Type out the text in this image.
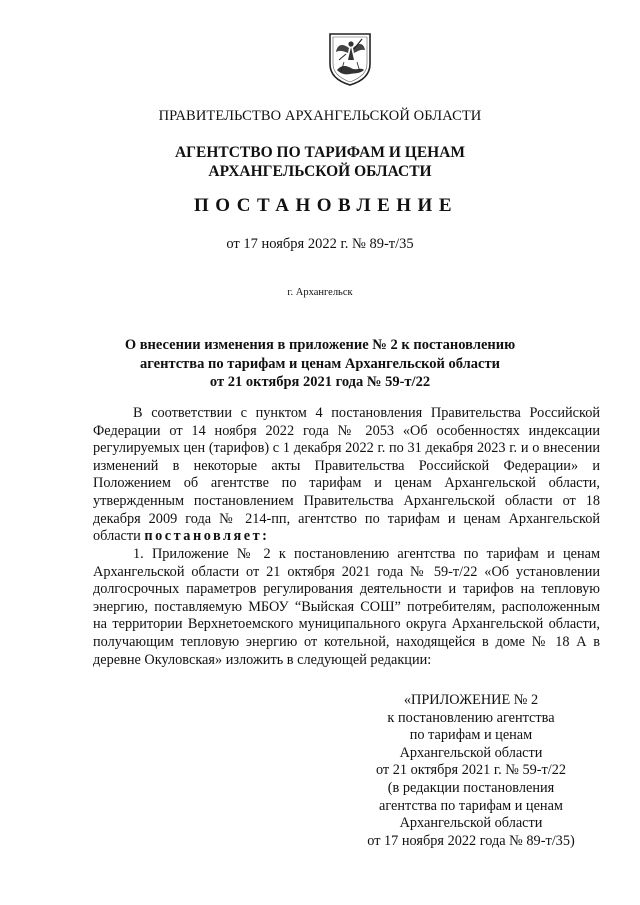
ПРАВИТЕЛЬСТВО АРХАНГЕЛЬСКОЙ ОБЛАСТИ
АГЕНТСТВО ПО ТАРИФАМ И ЦЕНАМ
АРХАНГЕЛЬСКОЙ ОБЛАСТИ
ПОСТАНОВЛЕНИЕ
от 17 ноября 2022 г. № 89-т/35
г. Архангельск
О внесении изменения в приложение № 2 к постановлению
агентства по тарифам и ценам Архангельской области
от 21 октября 2021 года № 59-т/22
В соответствии с пунктом 4 постановления Правительства Российской Федерации от 14 ноября 2022 года № 2053 «Об особенностях индексации регулируемых цен (тарифов) с 1 декабря 2022 г. по 31 декабря 2023 г. и о внесении изменений в некоторые акты Правительства Российской Федерации» и Положением об агентстве по тарифам и ценам Архангельской области, утвержденным постановлением Правительства Архангельской области от 18 декабря 2009 года № 214-пп, агентство по тарифам и ценам Архангельской области постановляет:
1. Приложение № 2 к постановлению агентства по тарифам и ценам Архангельской области от 21 октября 2021 года № 59-т/22 «Об установлении долгосрочных параметров регулирования деятельности и тарифов на тепловую энергию, поставляемую МБОУ “Выйская СОШ” потребителям, расположенным на территории Верхнетоемского муниципального округа Архангельской области, получающим тепловую энергию от котельной, находящейся в доме № 18 А в деревне Окуловская» изложить в следующей редакции:
«ПРИЛОЖЕНИЕ № 2
к постановлению агентства
по тарифам и ценам
Архангельской области
от 21 октября 2021 г. № 59-т/22
(в редакции постановления
агентства по тарифам и ценам
Архангельской области
от 17 ноября 2022 года № 89-т/35)
